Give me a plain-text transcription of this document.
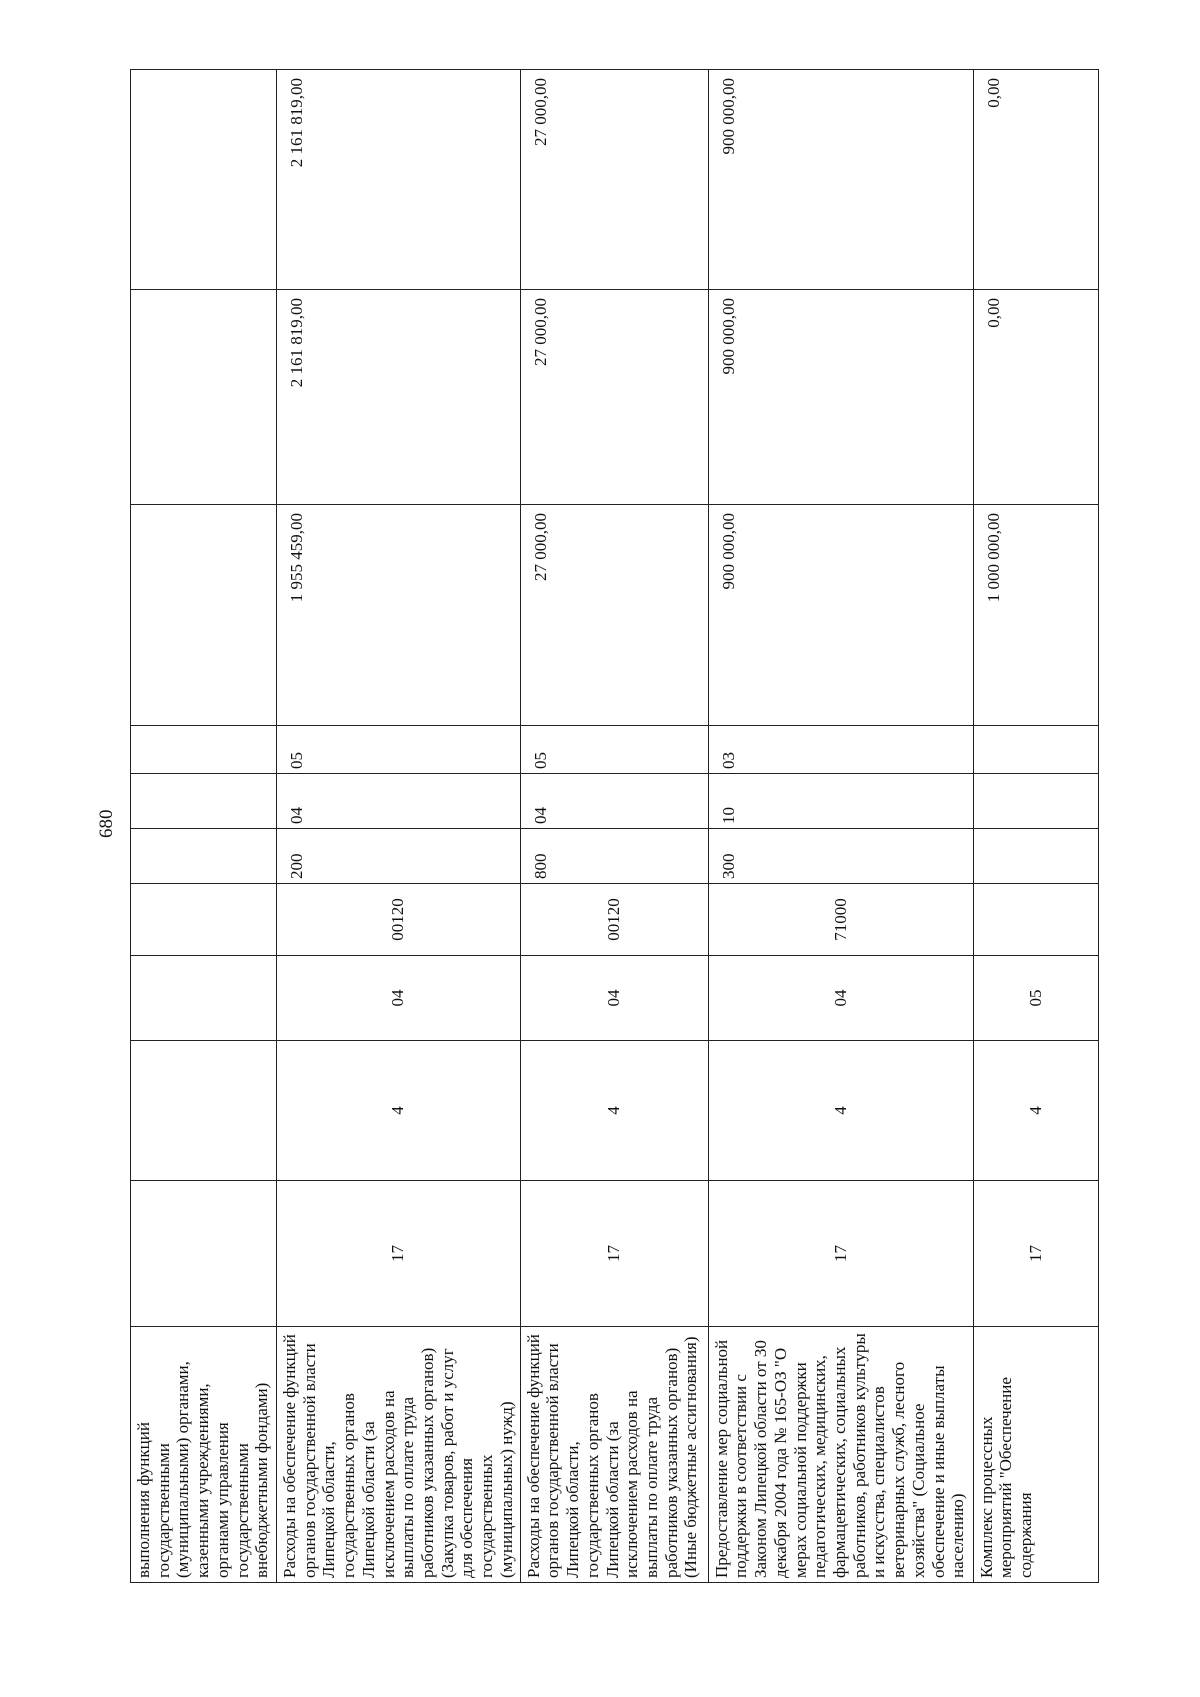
680
выполнения функций государственными (муниципальными) органами, казенными учреждениями, органами управления государственными внебюджетными фондами)										
Расходы на обеспечение функций органов государственной власти Липецкой области, государственных органов Липецкой области (за исключением расходов на выплаты по оплате труда работников указанных органов) (Закупка товаров, работ и услуг для обеспечения государственных (муниципальных) нужд)	17	4	04	00120	200	04	05	1 955 459,00	2 161 819,00	2 161 819,00
Расходы на обеспечение функций органов государственной власти Липецкой области, государственных органов Липецкой области (за исключением расходов на выплаты по оплате труда работников указанных органов) (Иные бюджетные ассигнования)	17	4	04	00120	800	04	05	27 000,00	27 000,00	27 000,00
Предоставление мер социальной поддержки в соответствии с Законом Липецкой области от 30 декабря 2004 года № 165-ОЗ "О мерах социальной поддержки педагогических, медицинских, фармацевтических, социальных работников, работников культуры и искусства, специалистов ветеринарных служб, лесного хозяйства" (Социальное обеспечение и иные выплаты населению)	17	4	04	71000	300	10	03	900 000,00	900 000,00	900 000,00
Комплекс процессных мероприятий "Обеспечение содержания	17	4	05					1 000 000,00	0,00	0,00
